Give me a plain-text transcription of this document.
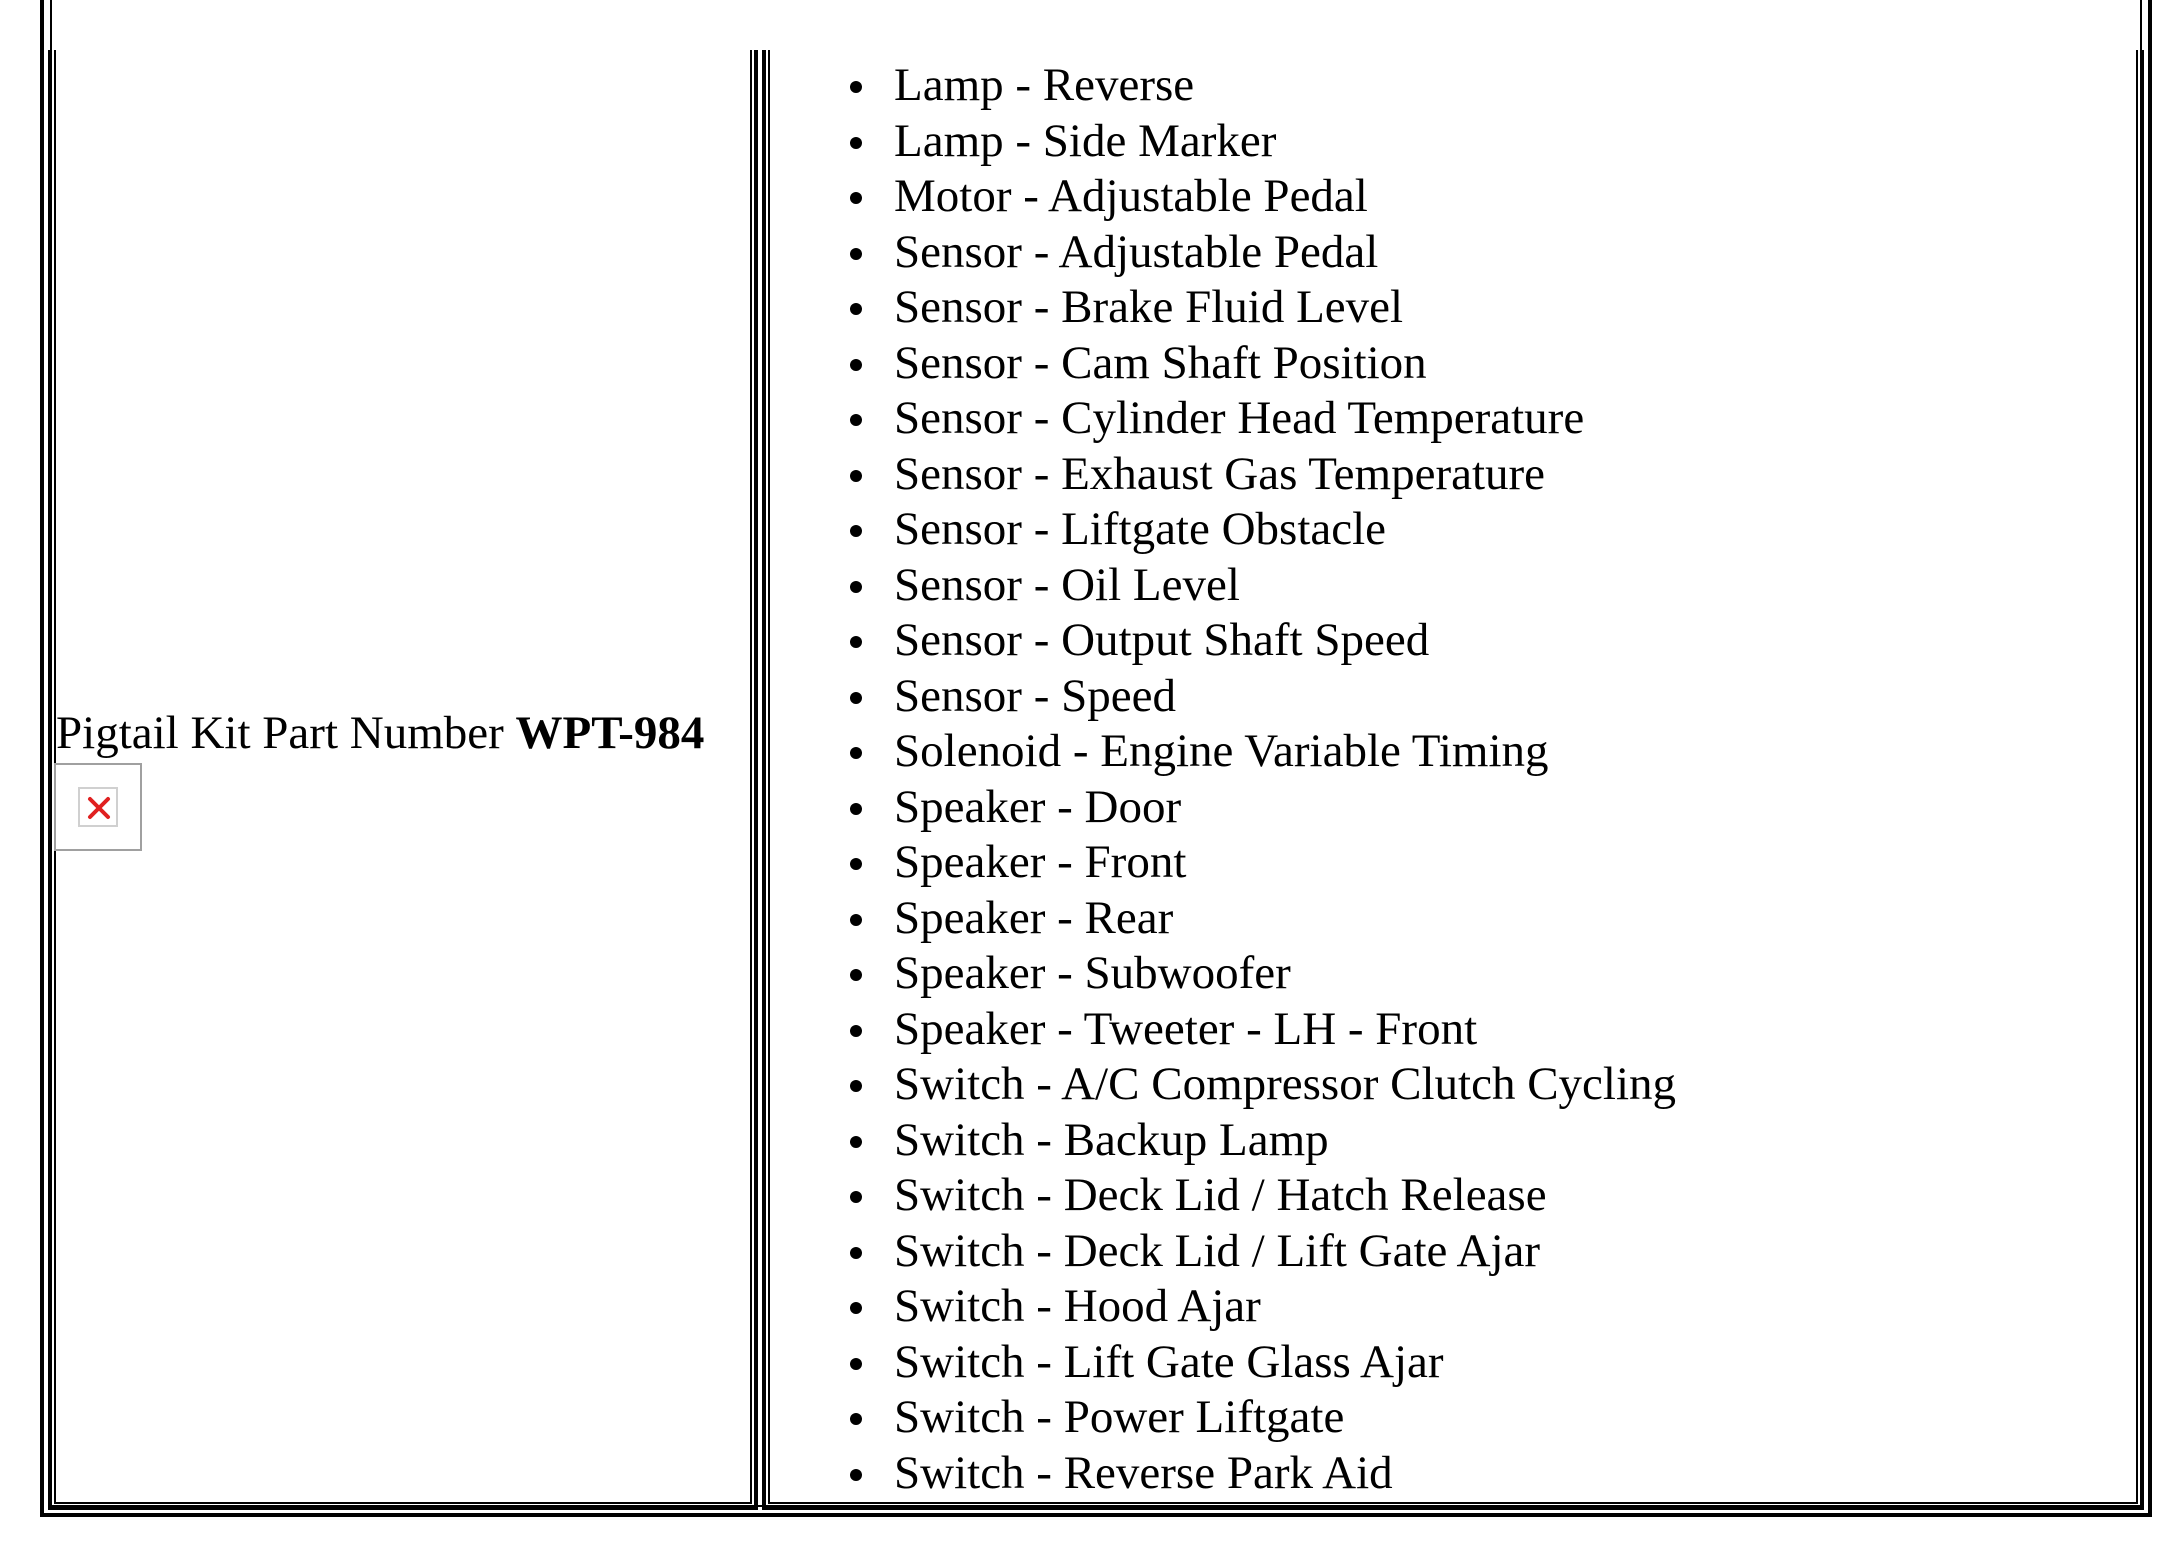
Pigtail Kit Part Number WPT-984
Lamp - Reverse
Lamp - Side Marker
Motor - Adjustable Pedal
Sensor - Adjustable Pedal
Sensor - Brake Fluid Level
Sensor - Cam Shaft Position
Sensor - Cylinder Head Temperature
Sensor - Exhaust Gas Temperature
Sensor - Liftgate Obstacle
Sensor - Oil Level
Sensor - Output Shaft Speed
Sensor - Speed
Solenoid - Engine Variable Timing
Speaker - Door
Speaker - Front
Speaker - Rear
Speaker - Subwoofer
Speaker - Tweeter - LH - Front
Switch - A/C Compressor Clutch Cycling
Switch - Backup Lamp
Switch - Deck Lid / Hatch Release
Switch - Deck Lid / Lift Gate Ajar
Switch - Hood Ajar
Switch - Lift Gate Glass Ajar
Switch - Power Liftgate
Switch - Reverse Park Aid
